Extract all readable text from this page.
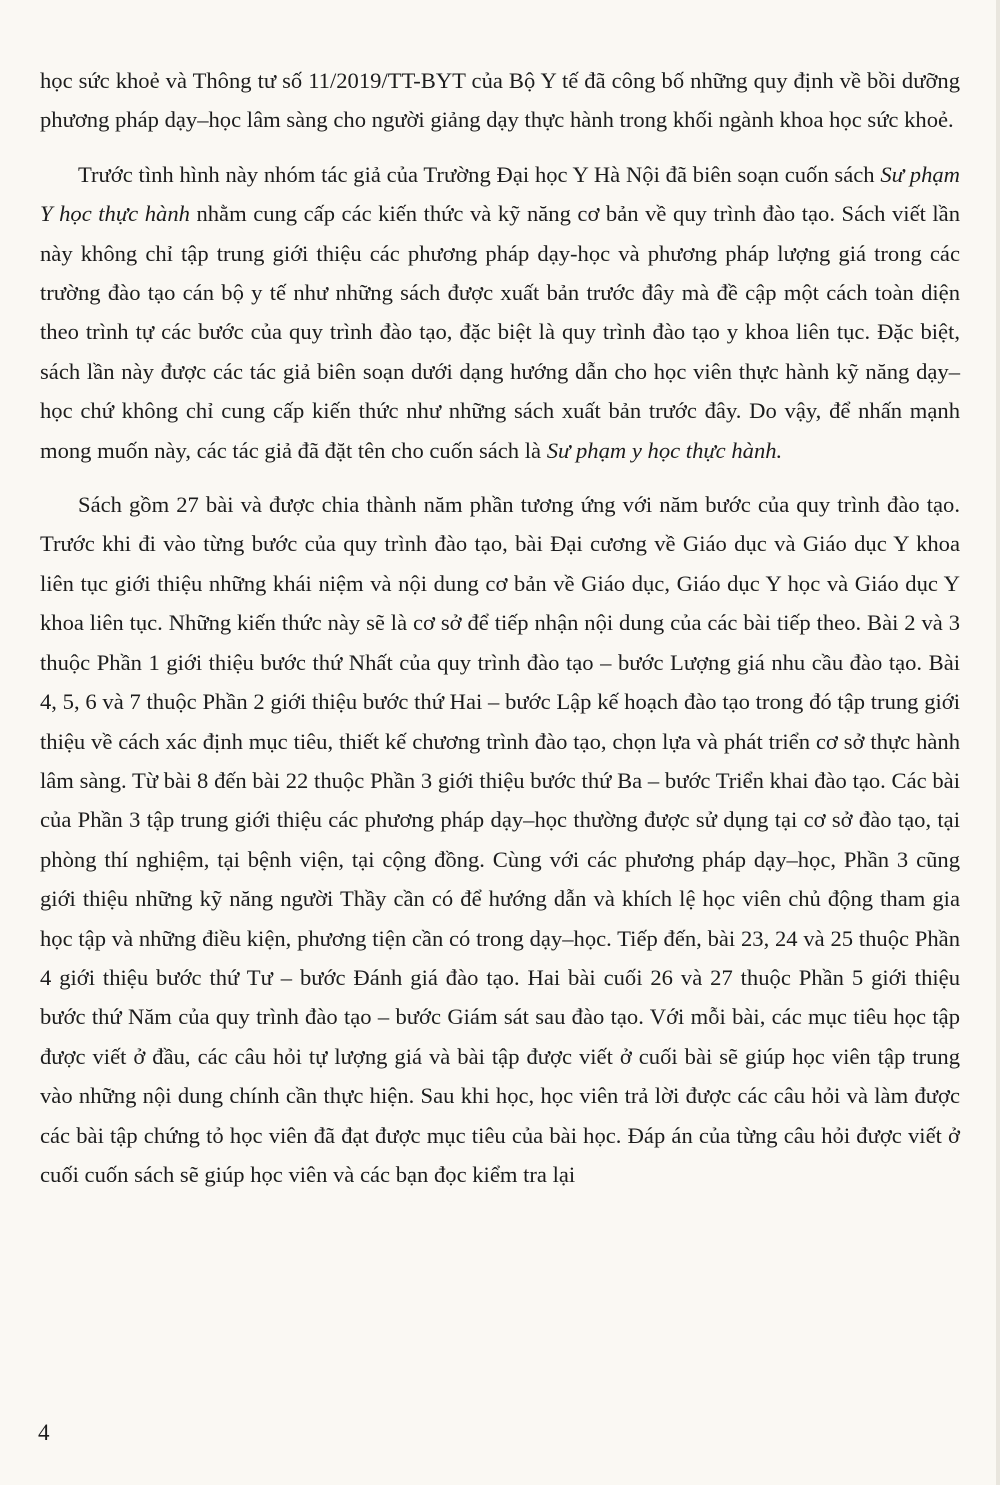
học sức khoẻ và Thông tư số 11/2019/TT-BYT của Bộ Y tế đã công bố những quy định về bồi dưỡng phương pháp dạy–học lâm sàng cho người giảng dạy thực hành trong khối ngành khoa học sức khoẻ.

Trước tình hình này nhóm tác giả của Trường Đại học Y Hà Nội đã biên soạn cuốn sách Sư phạm Y học thực hành nhằm cung cấp các kiến thức và kỹ năng cơ bản về quy trình đào tạo. Sách viết lần này không chỉ tập trung giới thiệu các phương pháp dạy-học và phương pháp lượng giá trong các trường đào tạo cán bộ y tế như những sách được xuất bản trước đây mà đề cập một cách toàn diện theo trình tự các bước của quy trình đào tạo, đặc biệt là quy trình đào tạo y khoa liên tục. Đặc biệt, sách lần này được các tác giả biên soạn dưới dạng hướng dẫn cho học viên thực hành kỹ năng dạy–học chứ không chỉ cung cấp kiến thức như những sách xuất bản trước đây. Do vậy, để nhấn mạnh mong muốn này, các tác giả đã đặt tên cho cuốn sách là Sư phạm y học thực hành.

Sách gồm 27 bài và được chia thành năm phần tương ứng với năm bước của quy trình đào tạo. Trước khi đi vào từng bước của quy trình đào tạo, bài Đại cương về Giáo dục và Giáo dục Y khoa liên tục giới thiệu những khái niệm và nội dung cơ bản về Giáo dục, Giáo dục Y học và Giáo dục Y khoa liên tục. Những kiến thức này sẽ là cơ sở để tiếp nhận nội dung của các bài tiếp theo. Bài 2 và 3 thuộc Phần 1 giới thiệu bước thứ Nhất của quy trình đào tạo – bước Lượng giá nhu cầu đào tạo. Bài 4, 5, 6 và 7 thuộc Phần 2 giới thiệu bước thứ Hai – bước Lập kế hoạch đào tạo trong đó tập trung giới thiệu về cách xác định mục tiêu, thiết kế chương trình đào tạo, chọn lựa và phát triển cơ sở thực hành lâm sàng. Từ bài 8 đến bài 22 thuộc Phần 3 giới thiệu bước thứ Ba – bước Triển khai đào tạo. Các bài của Phần 3 tập trung giới thiệu các phương pháp dạy–học thường được sử dụng tại cơ sở đào tạo, tại phòng thí nghiệm, tại bệnh viện, tại cộng đồng. Cùng với các phương pháp dạy–học, Phần 3 cũng giới thiệu những kỹ năng người Thầy cần có để hướng dẫn và khích lệ học viên chủ động tham gia học tập và những điều kiện, phương tiện cần có trong dạy–học. Tiếp đến, bài 23, 24 và 25 thuộc Phần 4 giới thiệu bước thứ Tư – bước Đánh giá đào tạo. Hai bài cuối 26 và 27 thuộc Phần 5 giới thiệu bước thứ Năm của quy trình đào tạo – bước Giám sát sau đào tạo. Với mỗi bài, các mục tiêu học tập được viết ở đầu, các câu hỏi tự lượng giá và bài tập được viết ở cuối bài sẽ giúp học viên tập trung vào những nội dung chính cần thực hiện. Sau khi học, học viên trả lời được các câu hỏi và làm được các bài tập chứng tỏ học viên đã đạt được mục tiêu của bài học. Đáp án của từng câu hỏi được viết ở cuối cuốn sách sẽ giúp học viên và các bạn đọc kiểm tra lại

4
